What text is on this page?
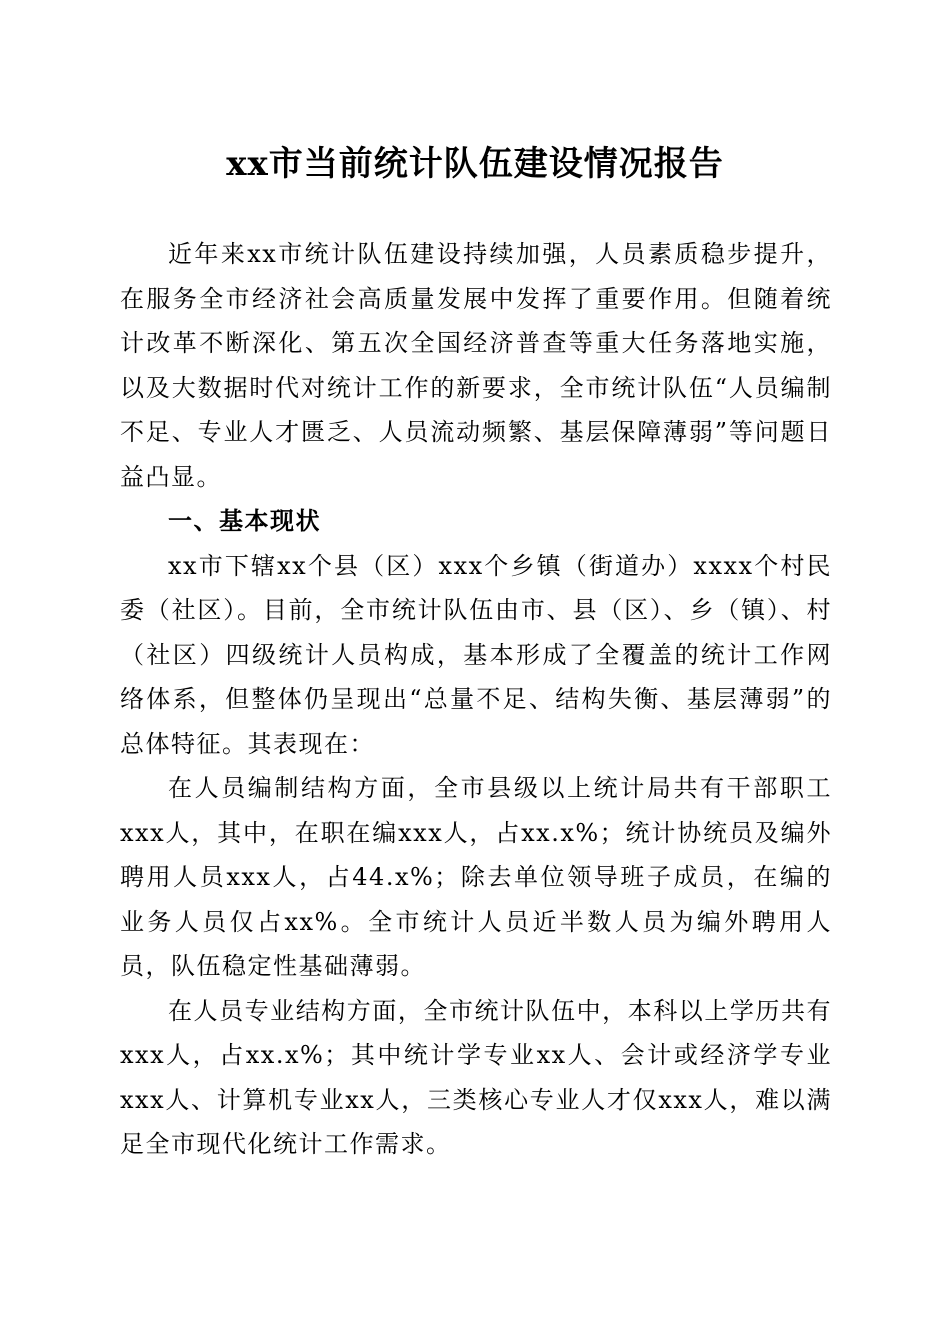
xx市当前统计队伍建设情况报告

近年来xx市统计队伍建设持续加强，人员素质稳步提升，在服务全市经济社会高质量发展中发挥了重要作用。但随着统计改革不断深化、第五次全国经济普查等重大任务落地实施，以及大数据时代对统计工作的新要求，全市统计队伍“人员编制不足、专业人才匮乏、人员流动频繁、基层保障薄弱”等问题日益凸显。

一、基本现状

xx市下辖xx个县（区）xxx个乡镇（街道办）xxxx个村民委（社区）。目前，全市统计队伍由市、县（区）、乡（镇）、村（社区）四级统计人员构成，基本形成了全覆盖的统计工作网络体系，但整体仍呈现出“总量不足、结构失衡、基层薄弱”的总体特征。其表现在：

在人员编制结构方面，全市县级以上统计局共有干部职工xxx人，其中，在职在编xxx人，占xx.x%；统计协统员及编外聘用人员xxx人，占44.x%；除去单位领导班子成员，在编的业务人员仅占xx%。全市统计人员近半数人员为编外聘用人员，队伍稳定性基础薄弱。

在人员专业结构方面，全市统计队伍中，本科以上学历共有xxx人，占xx.x%；其中统计学专业xx人、会计或经济学专业xxx人、计算机专业xx人，三类核心专业人才仅xxx人，难以满足全市现代化统计工作需求。
